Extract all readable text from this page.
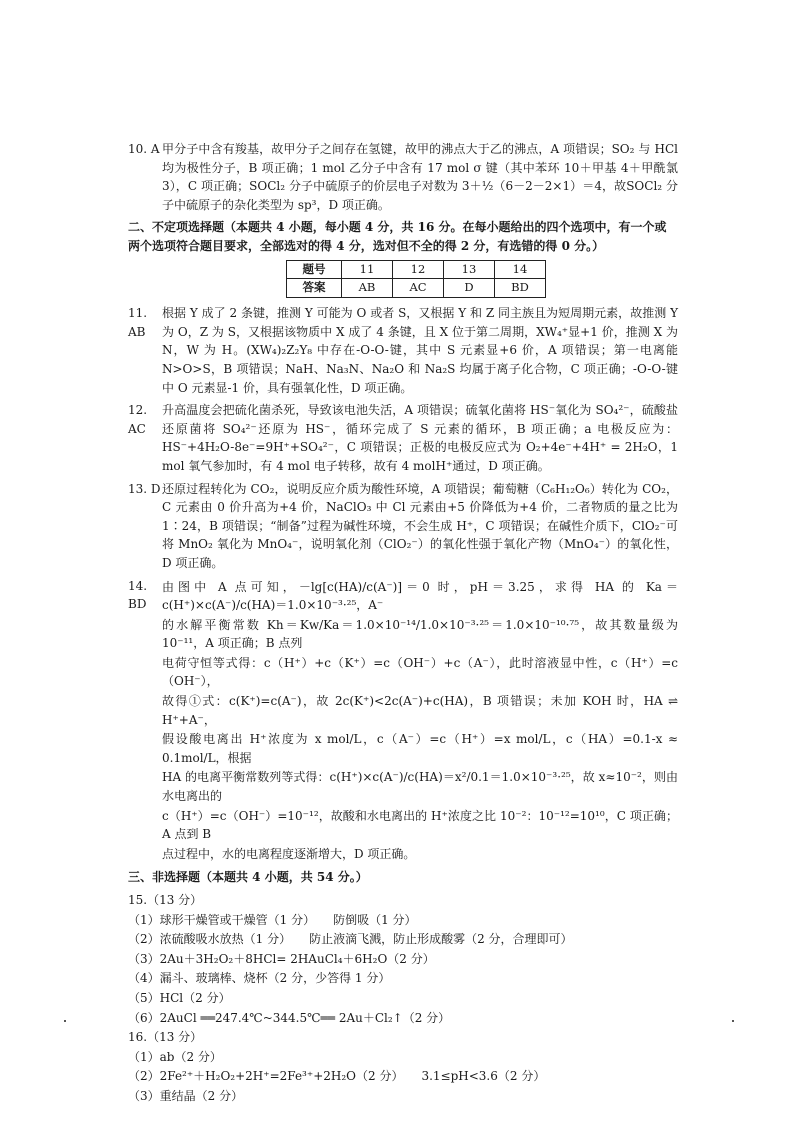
10. A 甲分子中含有羧基，故甲分子之间存在氢键，故甲的沸点大于乙的沸点，A 项错误；SO₂ 与 HCl 均为极性分子，B 项正确；1 mol 乙分子中含有 17 mol σ 键（其中苯环 10＋甲基 4＋甲酰氯 3），C 项正确；SOCl₂ 分子中硫原子的价层电子对数为 3＋½（6－2－2×1）＝4，故SOCl₂ 分子中硫原子的杂化类型为 sp³，D 项正确。
二、不定项选择题（本题共 4 小题，每小题 4 分，共 16 分。在每小题给出的四个选项中，有一个或两个选项符合题目要求，全部选对的得 4 分，选对但不全的得 2 分，有选错的得 0 分。）
题号	11	12	13	14
答案	AB	AC	D	BD
11. AB
根据 Y 成了 2 条键，推测 Y 可能为 O 或者 S，又根据 Y 和 Z 同主族且为短周期元素，故推测 Y 为 O，Z 为 S，又根据该物质中 X 成了 4 条键，且 X 位于第二周期，XW₄⁺显+1 价，推测 X 为 N，W 为 H。(XW₄)₂Z₂Y₈ 中存在-O-O-键，其中 S 元素显+6 价，A 项错误；第一电离能 N>O>S，B 项错误；NaH、Na₃N、Na₂O 和 Na₂S 均属于离子化合物，C 项正确；-O-O-键中 O 元素显-1 价，具有强氧化性，D 项正确。
12. AC
升高温度会把硫化菌杀死，导致该电池失活，A 项错误；硫氧化菌将 HS⁻氧化为 SO₄²⁻，硫酸盐还原菌将 SO₄²⁻还原为 HS⁻，循环完成了 S 元素的循环，B 项正确；a 电极反应为：HS⁻+4H₂O-8e⁻=9H⁺+SO₄²⁻，C 项错误；正极的电极反应式为 O₂+4e⁻+4H⁺ = 2H₂O，1 mol 氧气参加时，有 4 mol 电子转移，故有 4 molH⁺通过，D 项正确。
13. D 还原过程转化为 CO₂，说明反应介质为酸性环境，A 项错误；葡萄糖（C₆H₁₂O₆）转化为 CO₂，C 元素由 0 价升高为+4 价，NaClO₃ 中 Cl 元素由+5 价降低为+4 价，二者物质的量之比为 1∶24，B 项错误；“制备”过程为碱性环境，不会生成 H⁺，C 项错误；在碱性介质下，ClO₂⁻可将 MnO₂ 氧化为 MnO₄⁻，说明氧化剂（ClO₂⁻）的氧化性强于氧化产物（MnO₄⁻）的氧化性，D 项正确。
14. BD
由图中 A 点可知，－lg[c(HA)/c(A⁻)]＝0 时，pH＝3.25，求得 HA 的 Ka＝c(H⁺)×c(A⁻)/c(HA)＝1.0×10⁻³·²⁵，A⁻
的水解平衡常数 Kh＝Kw/Ka＝1.0×10⁻¹⁴/1.0×10⁻³·²⁵＝1.0×10⁻¹⁰·⁷⁵，故其数量级为 10⁻¹¹，A 项正确；B 点列
电荷守恒等式得：c（H⁺）+c（K⁺）=c（OH⁻）+c（A⁻），此时溶液显中性，c（H⁺）=c（OH⁻），
故得①式：c(K⁺)=c(A⁻)，故 2c(K⁺)<2c(A⁻)+c(HA)，B 项错误；未加 KOH 时，HA ⇌ H⁺+A⁻，
假设酸电离出 H⁺浓度为 x mol/L，c（A⁻）=c（H⁺）=x mol/L，c（HA）=0.1-x ≈ 0.1mol/L，根据
HA 的电离平衡常数列等式得：c(H⁺)×c(A⁻)/c(HA)＝x²/0.1＝1.0×10⁻³·²⁵，故 x≈10⁻²，则由水电离出的
c（H⁺）=c（OH⁻）=10⁻¹²，故酸和水电离出的 H⁺浓度之比 10⁻²：10⁻¹²=10¹⁰，C 项正确；A 点到 B
点过程中，水的电离程度逐渐增大，D 项正确。
三、非选择题（本题共 4 小题，共 54 分。）
15.（13 分）
（1）球形干燥管或干燥管（1 分）　　防倒吸（1 分）
（2）浓硫酸吸水放热（1 分）　　防止液滴飞溅，防止形成酸雾（2 分，合理即可）
（3）2Au＋3H₂O₂＋8HCl= 2HAuCl₄＋6H₂O（2 分）
（4）漏斗、玻璃棒、烧杯（2 分，少答得 1 分）
（5）HCl（2 分）
（6）2AuCl ══247.4℃~344.5℃══ 2Au＋Cl₂↑（2 分）
16.（13 分）
（1）ab（2 分）
（2）2Fe²⁺＋H₂O₂+2H⁺=2Fe³⁺+2H₂O（2 分）　　3.1≤pH<3.6（2 分）
（3）重结晶（2 分）
